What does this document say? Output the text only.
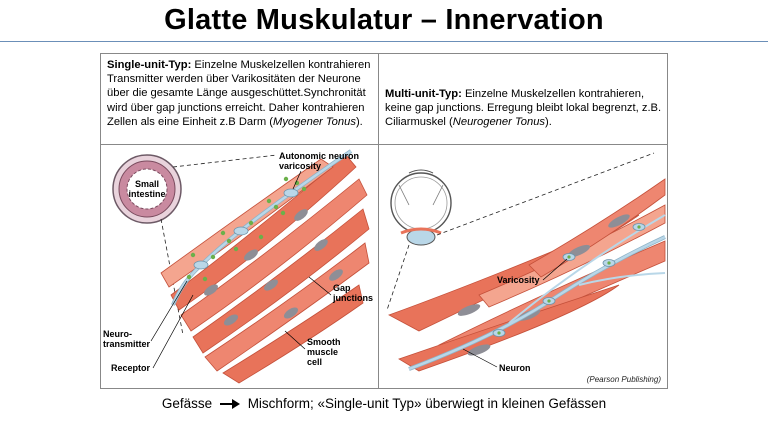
Glatte Muskulatur – Innervation
Single-unit-Typ: Einzelne Muskelzellen kontrahieren Transmitter werden über Varikositäten der Neurone über die gesamte Länge ausgeschüttet.Synchronität wird über gap junctions erreicht. Daher kontrahieren Zellen als eine Einheit z.B Darm (Myogener Tonus).
Multi-unit-Typ: Einzelne Muskelzellen kontrahieren, keine gap junctions. Erregung bleibt lokal begrenzt, z.B. Ciliarmuskel (Neurogener Tonus).
Small
intestine
Autonomic neuron
varicosity
Gap
junctions
Neuro-
transmitter
Receptor
Smooth
muscle
cell
Varicosity
Neuron
(Pearson Publishing)
Gefässe	Mischform; «Single-unit Typ» überwiegt in kleinen Gefässen
